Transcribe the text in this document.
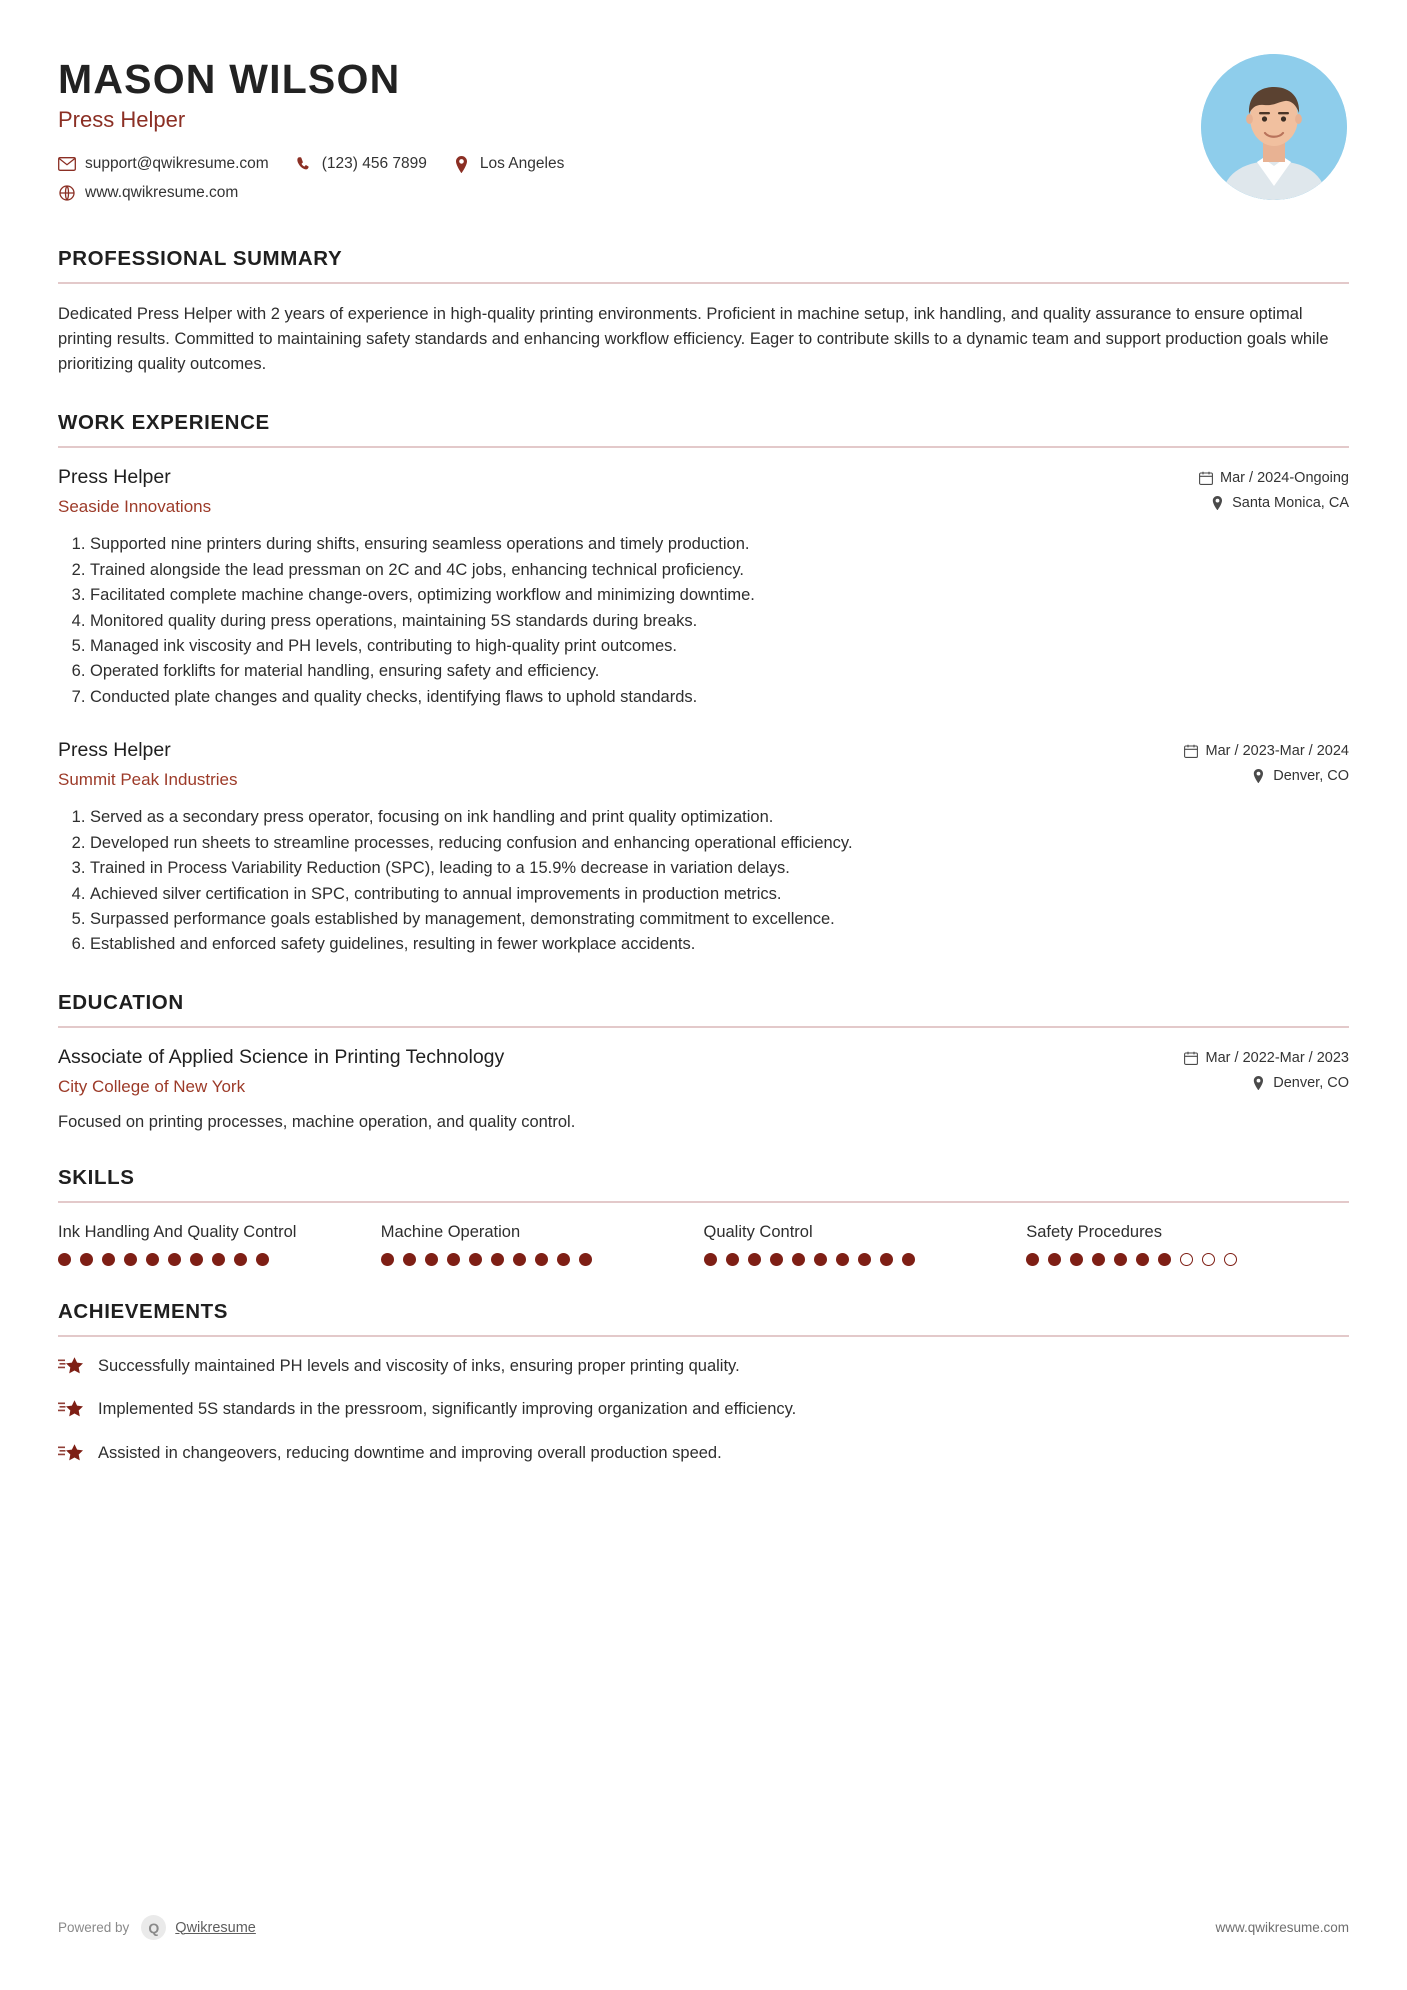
MASON WILSON
Press Helper
support@qwikresume.com	(123) 456 7899	Los Angeles
www.qwikresume.com
PROFESSIONAL SUMMARY

Dedicated Press Helper with 2 years of experience in high-quality printing environments. Proficient in machine setup, ink handling, and quality assurance to ensure optimal printing results. Committed to maintaining safety standards and enhancing workflow efficiency. Eager to contribute skills to a dynamic team and support production goals while prioritizing quality outcomes.

WORK EXPERIENCE
Press Helper
Seaside Innovations
Mar / 2024-Ongoing
Santa Monica, CA
1. Supported nine printers during shifts, ensuring seamless operations and timely production.
2. Trained alongside the lead pressman on 2C and 4C jobs, enhancing technical proficiency.
3. Facilitated complete machine change-overs, optimizing workflow and minimizing downtime.
4. Monitored quality during press operations, maintaining 5S standards during breaks.
5. Managed ink viscosity and PH levels, contributing to high-quality print outcomes.
6. Operated forklifts for material handling, ensuring safety and efficiency.
7. Conducted plate changes and quality checks, identifying flaws to uphold standards.
Press Helper
Summit Peak Industries
Mar / 2023-Mar / 2024
Denver, CO
1. Served as a secondary press operator, focusing on ink handling and print quality optimization.
2. Developed run sheets to streamline processes, reducing confusion and enhancing operational efficiency.
3. Trained in Process Variability Reduction (SPC), leading to a 15.9% decrease in variation delays.
4. Achieved silver certification in SPC, contributing to annual improvements in production metrics.
5. Surpassed performance goals established by management, demonstrating commitment to excellence.
6. Established and enforced safety guidelines, resulting in fewer workplace accidents.
EDUCATION
Associate of Applied Science in Printing Technology
City College of New York
Mar / 2022-Mar / 2023
Denver, CO

Focused on printing processes, machine operation, and quality control.

SKILLS
Ink Handling And Quality Control	Machine Operation	Quality Control	Safety Procedures
ACHIEVEMENTS
Successfully maintained PH levels and viscosity of inks, ensuring proper printing quality.
Implemented 5S standards in the pressroom, significantly improving organization and efficiency.
Assisted in changeovers, reducing downtime and improving overall production speed.
Powered by	Q	Qwikresume	www.qwikresume.com
